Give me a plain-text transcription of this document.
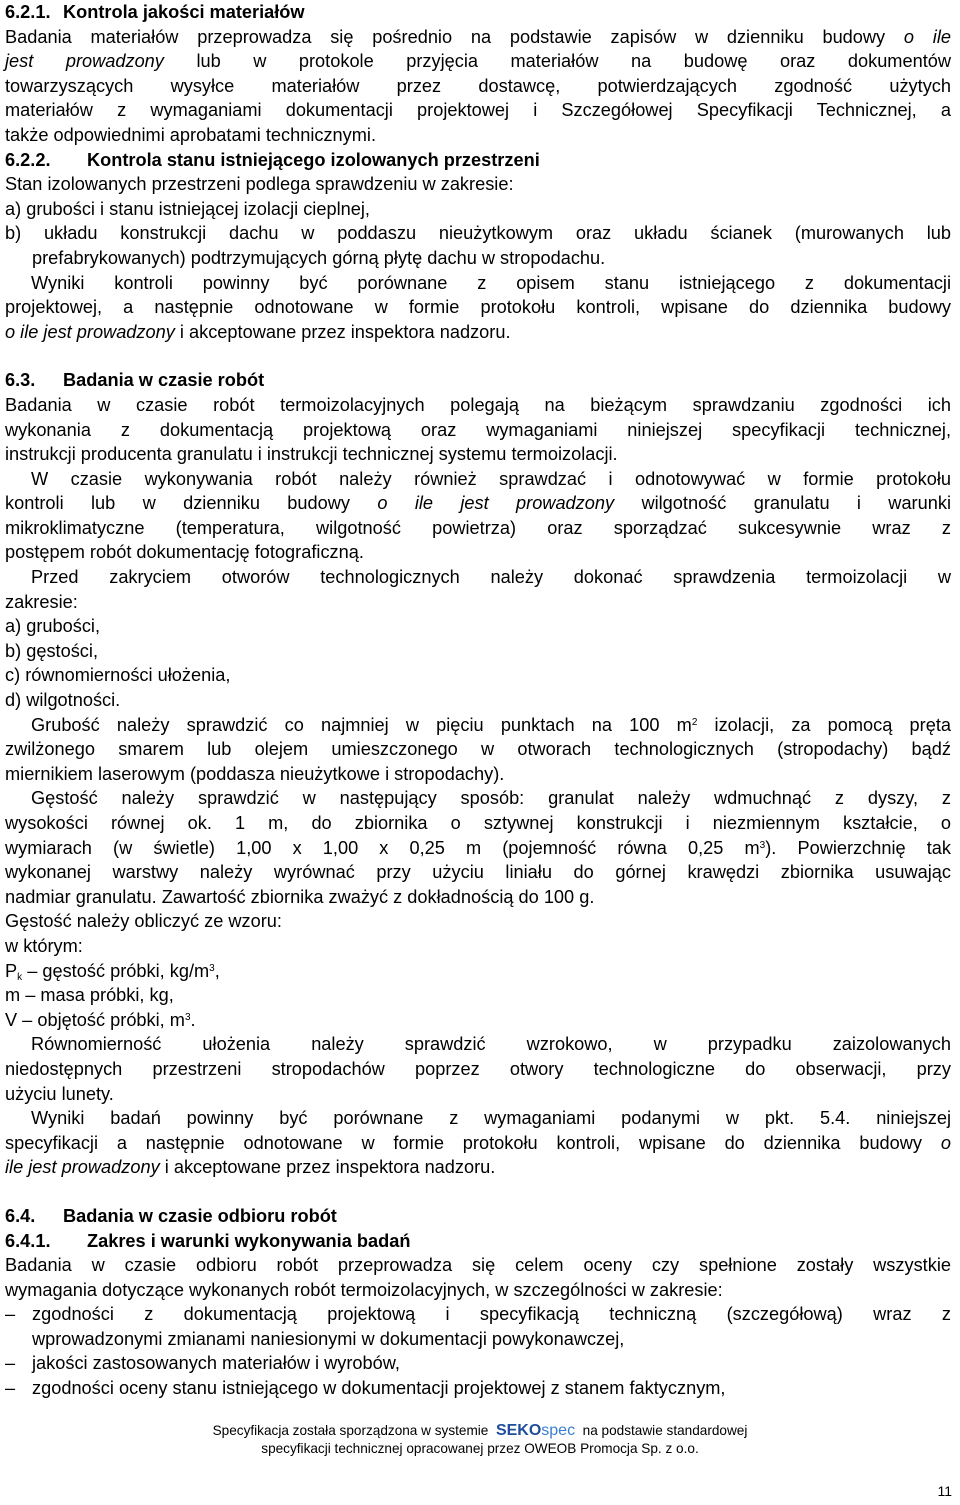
6.2.1. Kontrola jakości materiałów
Badania materiałów przeprowadza się pośrednio na podstawie zapisów w dzienniku budowy o ile
jest prowadzony lub w protokole przyjęcia materiałów na budowę oraz dokumentów
towarzyszących wysyłce materiałów przez dostawcę, potwierdzających zgodność użytych
materiałów z wymaganiami dokumentacji projektowej i Szczegółowej Specyfikacji Technicznej, a
także odpowiednimi aprobatami technicznymi.
6.2.2. Kontrola stanu istniejącego izolowanych przestrzeni
Stan izolowanych przestrzeni podlega sprawdzeniu w zakresie:
a) grubości i stanu istniejącej izolacji cieplnej,
b) układu konstrukcji dachu w poddaszu nieużytkowym oraz układu ścianek (murowanych lub
prefabrykowanych) podtrzymujących górną płytę dachu w stropodachu.
Wyniki kontroli powinny być porównane z opisem stanu istniejącego z dokumentacji
projektowej, a następnie odnotowane w formie protokołu kontroli, wpisane do dziennika budowy
o ile jest prowadzony i akceptowane przez inspektora nadzoru.
6.3. Badania w czasie robót
Badania w czasie robót termoizolacyjnych polegają na bieżącym sprawdzaniu zgodności ich
wykonania z dokumentacją projektową oraz wymaganiami niniejszej specyfikacji technicznej,
instrukcji producenta granulatu i instrukcji technicznej systemu termoizolacji.
W czasie wykonywania robót należy również sprawdzać i odnotowywać w formie protokołu
kontroli lub w dzienniku budowy o ile jest prowadzony wilgotność granulatu i warunki
mikroklimatyczne (temperatura, wilgotność powietrza) oraz sporządzać sukcesywnie wraz z
postępem robót dokumentację fotograficzną.
Przed zakryciem otworów technologicznych należy dokonać sprawdzenia termoizolacji w
zakresie:
a) grubości,
b) gęstości,
c) równomierności ułożenia,
d) wilgotności.
Grubość należy sprawdzić co najmniej w pięciu punktach na 100 $m^2$ izolacji, za pomocą pręta
zwilżonego smarem lub olejem umieszczonego w otworach technologicznych (stropodachy) bądź
miernikiem laserowym (poddasza nieużytkowe i stropodachy).
Gęstość należy sprawdzić w następujący sposób: granulat należy wdmuchnąć z dyszy, z
wysokości równej ok. 1 m, do zbiornika o sztywnej konstrukcji i niezmiennym kształcie, o
wymiarach (w świetle) 1,00 x 1,00 x 0,25 m (pojemność równa 0,25 $m^3$). Powierzchnię tak
wykonanej warstwy należy wyrównać przy użyciu liniału do górnej krawędzi zbiornika usuwając
nadmiar granulatu. Zawartość zbiornika zważyć z dokładnością do 100 g.
Gęstość należy obliczyć ze wzoru:
w którym:
$P_k$ – gęstość próbki, $kg/m^3$,
m – masa próbki, kg,
V – objętość próbki, $m^3$.
Równomierność ułożenia należy sprawdzić wzrokowo, w przypadku zaizolowanych
niedostępnych przestrzeni stropodachów poprzez otwory technologiczne do obserwacji, przy
użyciu lunety.
Wyniki badań powinny być porównane z wymaganiami podanymi w pkt. 5.4. niniejszej
specyfikacji a następnie odnotowane w formie protokołu kontroli, wpisane do dziennika budowy o
ile jest prowadzony i akceptowane przez inspektora nadzoru.
6.4. Badania w czasie odbioru robót
6.4.1. Zakres i warunki wykonywania badań
Badania w czasie odbioru robót przeprowadza się celem oceny czy spełnione zostały wszystkie
wymagania dotyczące wykonanych robót termoizolacyjnych, w szczególności w zakresie:
– zgodności z dokumentacją projektową i specyfikacją techniczną (szczegółową) wraz z
wprowadzonymi zmianami naniesionymi w dokumentacji powykonawczej,
– jakości zastosowanych materiałów i wyrobów,
– zgodności oceny stanu istniejącego w dokumentacji projektowej z stanem faktycznym,
Specyfikacja została sporządzona w systemie SEKOspec na podstawie standardowej
specyfikacji technicznej opracowanej przez OWEOB Promocja Sp. z o.o.
11
